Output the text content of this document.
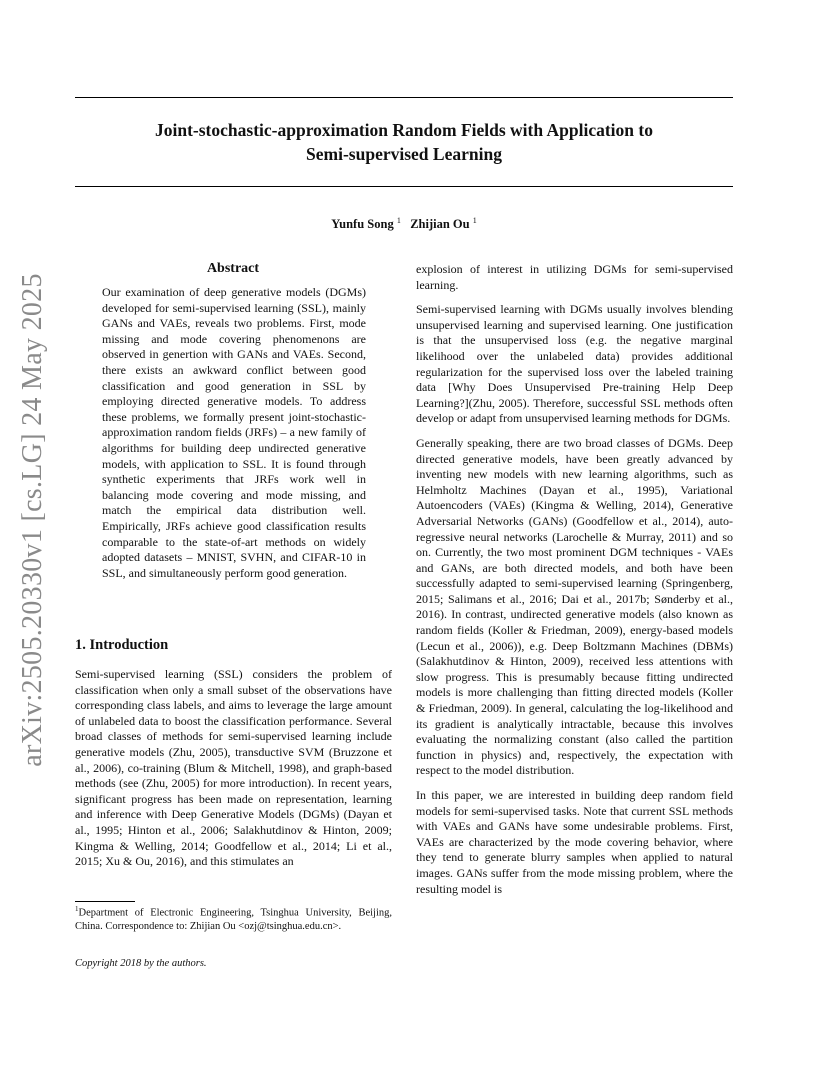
Joint-stochastic-approximation Random Fields with Application to
Semi-supervised Learning
Yunfu Song $^1$ Zhijian Ou $^1$
arXiv:2505.20330v1 [cs.LG] 24 May 2025
Abstract
Our examination of deep generative models (DGMs) developed for semi-supervised learning (SSL), mainly GANs and VAEs, reveals two problems. First, mode missing and mode covering phenomenons are observed in genertion with GANs and VAEs. Second, there exists an awkward conflict between good classification and good generation in SSL by employing directed generative models. To address these problems, we formally present joint-stochastic-approximation random fields (JRFs) – a new family of algorithms for building deep undirected generative models, with application to SSL. It is found through synthetic experiments that JRFs work well in balancing mode covering and mode missing, and match the empirical data distribution well. Empirically, JRFs achieve good classification results comparable to the state-of-art methods on widely adopted datasets – MNIST, SVHN, and CIFAR-10 in SSL, and simultaneously perform good generation.
1. Introduction
Semi-supervised learning (SSL) considers the problem of classification when only a small subset of the observations have corresponding class labels, and aims to leverage the large amount of unlabeled data to boost the classification performance. Several broad classes of methods for semi-supervised learning include generative models (Zhu, 2005), transductive SVM (Bruzzone et al., 2006), co-training (Blum & Mitchell, 1998), and graph-based methods (see (Zhu, 2005) for more introduction). In recent years, significant progress has been made on representation, learning and inference with Deep Generative Models (DGMs) (Dayan et al., 1995; Hinton et al., 2006; Salakhutdinov & Hinton, 2009; Kingma & Welling, 2014; Goodfellow et al., 2014; Li et al., 2015; Xu & Ou, 2016), and this stimulates an
$^1$Department of Electronic Engineering, Tsinghua University, Beijing, China. Correspondence to: Zhijian Ou <ozj@tsinghua.edu.cn>.
Copyright 2018 by the authors.

explosion of interest in utilizing DGMs for semi-supervised learning.

Semi-supervised learning with DGMs usually involves blending unsupervised learning and supervised learning. One justification is that the unsupervised loss (e.g. the negative marginal likelihood over the unlabeled data) provides additional regularization for the supervised loss over the labeled training data [Why Does Unsupervised Pre-training Help Deep Learning?](Zhu, 2005). Therefore, successful SSL methods often develop or adapt from unsupervised learning methods for DGMs.

Generally speaking, there are two broad classes of DGMs. Deep directed generative models, have been greatly advanced by inventing new models with new learning algorithms, such as Helmholtz Machines (Dayan et al., 1995), Variational Autoencoders (VAEs) (Kingma & Welling, 2014), Generative Adversarial Networks (GANs) (Goodfellow et al., 2014), auto-regressive neural networks (Larochelle & Murray, 2011) and so on. Currently, the two most prominent DGM techniques - VAEs and GANs, are both directed models, and both have been successfully adapted to semi-supervised learning (Springenberg, 2015; Salimans et al., 2016; Dai et al., 2017b; Sønderby et al., 2016). In contrast, undirected generative models (also known as random fields (Koller & Friedman, 2009), energy-based models (Lecun et al., 2006)), e.g. Deep Boltzmann Machines (DBMs) (Salakhutdinov & Hinton, 2009), received less attentions with slow progress. This is presumably because fitting undirected models is more challenging than fitting directed models (Koller & Friedman, 2009). In general, calculating the log-likelihood and its gradient is analytically intractable, because this involves evaluating the normalizing constant (also called the partition function in physics) and, respectively, the expectation with respect to the model distribution.

In this paper, we are interested in building deep random field models for semi-supervised tasks. Note that current SSL methods with VAEs and GANs have some undesirable problems. First, VAEs are characterized by the mode covering behavior, where they tend to generate blurry samples when applied to natural images. GANs suffer from the mode missing problem, where the resulting model is
